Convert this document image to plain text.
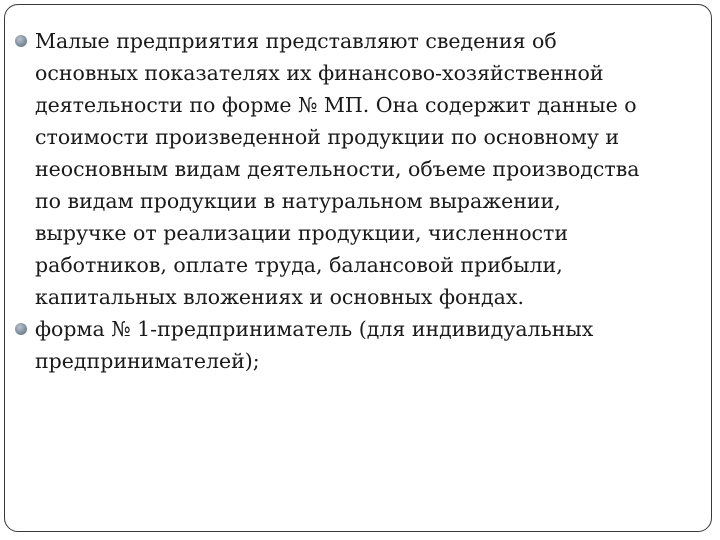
Малые предприятия представляют сведения об
основных показателях их финансово-хозяйственной
деятельности по форме № МП. Она содержит данные о
стоимости произведенной продукции по основному и
неосновным видам деятельности, объеме производства
по видам продукции в натуральном выражении,
выручке от реализации продукции, численности
работников, оплате труда, балансовой прибыли,
капитальных вложениях и основных фондах.
форма № 1-предприниматель (для индивидуальных
предпринимателей);
